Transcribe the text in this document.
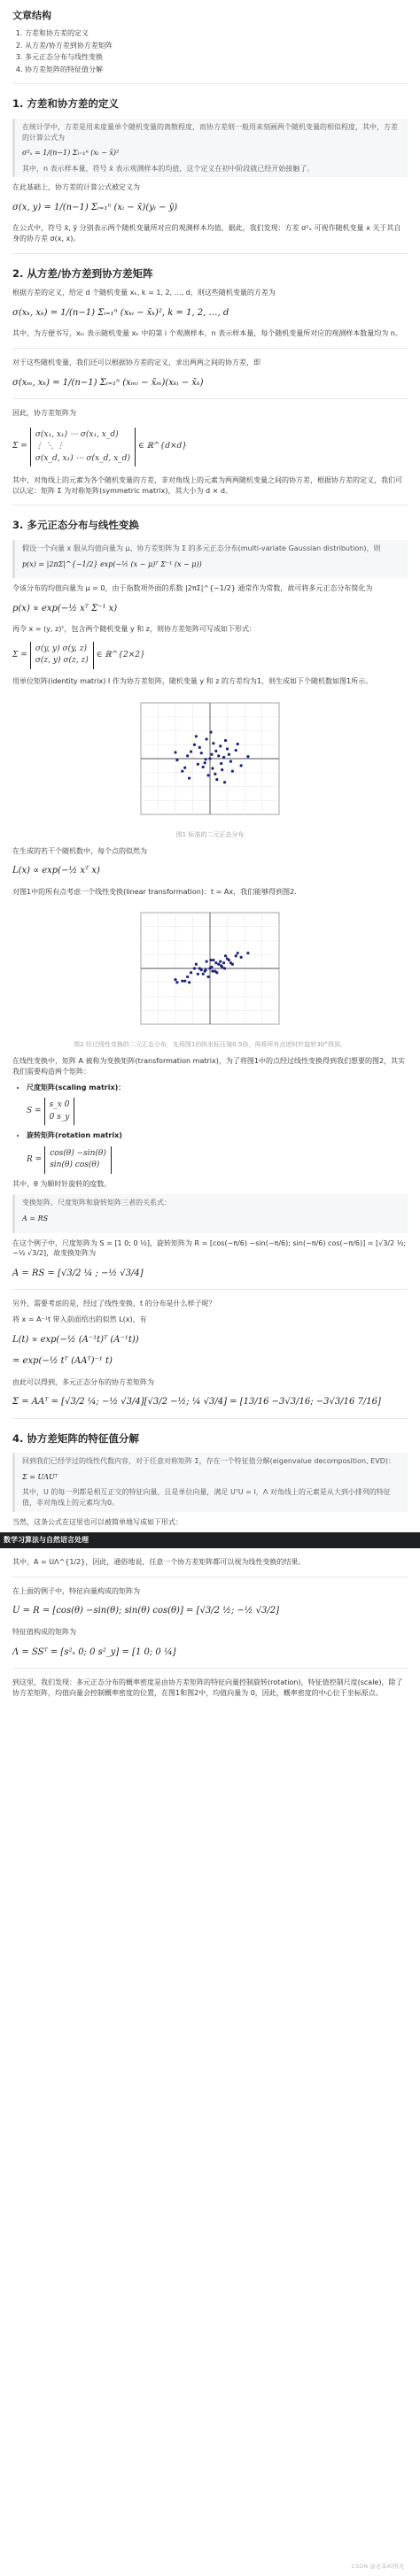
文章结构
1. 方差和协方差的定义
2. 从方差/协方差到协方差矩阵
3. 多元正态分布与线性变换
4. 协方差矩阵的特征值分解
1. 方差和协方差的定义
在统计学中，方差是用来度量单个随机变量的离散程度，而协方差则一般用来刻画两个随机变量的相似程度，其中，方差的计算公式为
σ²ₓ = 1/(n−1) Σᵢ₌₁ⁿ (xᵢ − x̄)²
其中，n 表示样本量，符号 x̄ 表示观测样本的均值，这个定义在初中阶段就已经开始接触了。

在此基础上，协方差的计算公式被定义为

σ(x, y) = 1/(n−1) Σᵢ₌₁ⁿ (xᵢ − x̄)(yᵢ − ȳ)

在公式中，符号 x̄, ȳ 分别表示两个随机变量所对应的观测样本均值，据此，我们发现：方差 σ²ₓ 可视作随机变量 x 关于其自身的协方差 σ(x, x)。

2. 从方差/协方差到协方差矩阵

根据方差的定义，给定 d 个随机变量 xₖ, k = 1, 2, …, d，则这些随机变量的方差为

σ(xₖ, xₖ) = 1/(n−1) Σᵢ₌₁ⁿ (xₖᵢ − x̄ₖ)², k = 1, 2, …, d

其中，为方便书写，xₖᵢ 表示随机变量 xₖ 中的第 i 个观测样本，n 表示样本量，每个随机变量所对应的观测样本数量均为 n。

对于这些随机变量，我们还可以根据协方差的定义，求出两两之间的协方差，即

σ(xₘ, xₖ) = 1/(n−1) Σᵢ₌₁ⁿ (xₘᵢ − x̄ₘ)(xₖᵢ − x̄ₖ)

因此，协方差矩阵为

Σ =
σ(x₁, x₁) ⋯ σ(x₁, x_d)
⋮ ⋱ ⋮
σ(x_d, x₁) ⋯ σ(x_d, x_d)
∈ ℝ^{d×d}

其中，对角线上的元素为各个随机变量的方差，非对角线上的元素为两两随机变量之间的协方差，根据协方差的定义，我们可以认定：矩阵 Σ 为对称矩阵(symmetric matrix)，其大小为 d × d。

3. 多元正态分布与线性变换
假设一个向量 x 服从均值向量为 μ、协方差矩阵为 Σ 的多元正态分布(multi-variate Gaussian distribution)，则
p(x) = |2πΣ|^{−1/2} exp(−½ (x − μ)ᵀ Σ⁻¹ (x − μ))

令该分布的均值向量为 μ = 0，由于指数项外面的系数 |2πΣ|^{−1/2} 通常作为常数，故可将多元正态分布简化为

p(x) ∝ exp(−½ xᵀ Σ⁻¹ x)

再令 x = (y, z)ᵀ，包含两个随机变量 y 和 z，则协方差矩阵可写成如下形式：

Σ =
σ(y, y) σ(y, z)
σ(z, y) σ(z, z)
∈ ℝ^{2×2}

用单位矩阵(identity matrix) I 作为协方差矩阵，随机变量 y 和 z 的方差均为1，则生成如下个随机数如图1所示。

图1 标准的二元正态分布

在生成的若干个随机数中，每个点的似然为

L(x) ∝ exp(−½ xᵀ x)

对图1中的所有点考虑一个线性变换(linear transformation)：t = Ax，我们能够得到图2.

图2 经过线性变换的二元正态分布，先将图1的纵坐标压缩0.5倍，再将所有点逆时针旋转30°得到。

在线性变换中，矩阵 A 被称为变换矩阵(transformation matrix)，为了将图1中的点经过线性变换得到我们想要的图2，其实我们需要构造两个矩阵：

• 尺度矩阵(scaling matrix)：
S =
s_x 0
0 s_y
• 旋转矩阵(rotation matrix)
R =
cos(θ) −sin(θ)
sin(θ) cos(θ)

其中，θ 为顺时针旋转的度数。

变换矩阵、尺度矩阵和旋转矩阵三者的关系式：
A = RS

在这个例子中，尺度矩阵为 S = [1 0; 0 ½]，旋转矩阵为 R = [cos(−π/6) −sin(−π/6); sin(−π/6) cos(−π/6)] = [√3/2 ½; −½ √3/2]，故变换矩阵为

A = RS = [√3/2 ¼ ; −½ √3/4]

另外，需要考虑的是，经过了线性变换，t 的分布是什么样子呢？

将 x = A⁻¹t 带入前面给出的似然 L(x)，有

L(t) ∝ exp(−½ (A⁻¹t)ᵀ (A⁻¹t))
= exp(−½ tᵀ (AAᵀ)⁻¹ t)

由此可以得到，多元正态分布的协方差矩阵为

Σ = AAᵀ = [√3/2 ¼; −½ √3/4][√3/2 −½; ¼ √3/4] = [13/16 −3√3/16; −3√3/16 7/16]
4. 协方差矩阵的特征值分解
回到我们已经学过的线性代数内容，对于任意对称矩阵 Σ，存在一个特征值分解(eigenvalue decomposition, EVD)：
Σ = UΛUᵀ
其中，U 的每一列都是相互正交的特征向量，且是单位向量，满足 UᵀU = I，Λ 对角线上的元素是从大到小排列的特征值，非对角线上的元素均为0。

当然，这条公式在这里也可以被简单地写成如下形式：

数学习算法与自然语言处理

其中，A = UΛ^{1/2}，因此，通俗地说，任意一个协方差矩阵都可以视为线性变换的结果。

在上面的例子中，特征向量构成的矩阵为

U = R = [cos(θ) −sin(θ); sin(θ) cos(θ)] = [√3/2 ½; −½ √3/2]

特征值构成的矩阵为

Λ = SSᵀ = [s²ₓ 0; 0 s²_y] = [1 0; 0 ¼]

到这里，我们发现：多元正态分布的概率密度是由协方差矩阵的特征向量控制旋转(rotation)，特征值控制尺度(scale)，除了协方差矩阵，均值向量会控制概率密度的位置，在图1和图2中，均值向量为 0，因此，概率密度的中心位于坐标原点。

CSDN @老笨Ai图灵
